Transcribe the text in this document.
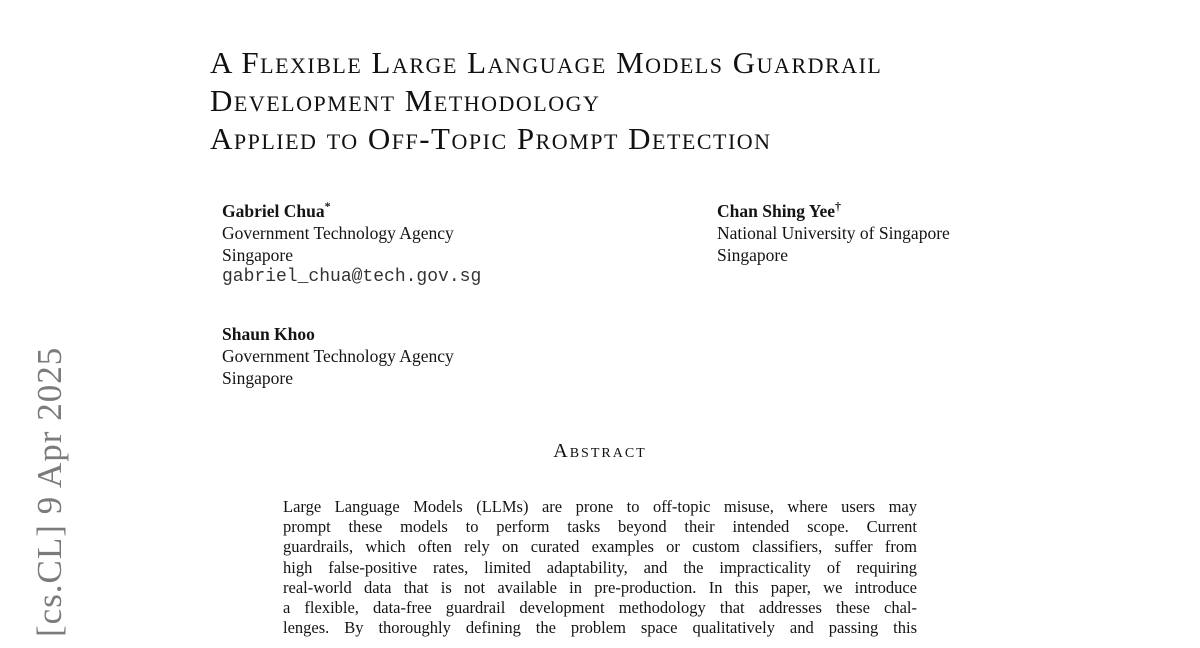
[cs.CL] 9 Apr 2025
A Flexible Large Language Models Guardrail
Development Methodology
Applied to Off-Topic Prompt Detection
Gabriel Chua*
Government Technology Agency
Singapore
gabriel_chua@tech.gov.sg
Chan Shing Yee†
National University of Singapore
Singapore
Shaun Khoo
Government Technology Agency
Singapore
Abstract
Large Language Models (LLMs) are prone to off-topic misuse, where users may
prompt these models to perform tasks beyond their intended scope. Current
guardrails, which often rely on curated examples or custom classifiers, suffer from
high false-positive rates, limited adaptability, and the impracticality of requiring
real-world data that is not available in pre-production. In this paper, we introduce
a flexible, data-free guardrail development methodology that addresses these chal-
lenges. By thoroughly defining the problem space qualitatively and passing this
